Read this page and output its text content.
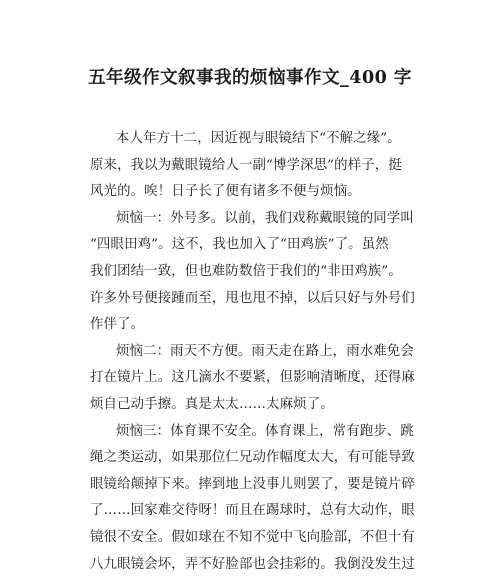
五年级作文叙事我的烦恼事作文_400 字
本人年方十二，因近视与眼镜结下“不解之缘”。
原来，我以为戴眼镜给人一副“博学深思”的样子，挺
风光的。唉！日子长了便有诸多不便与烦恼。
烦恼一：外号多。以前，我们戏称戴眼镜的同学叫
“四眼田鸡”。这不，我也加入了“田鸡族”了。虽然
我们团结一致，但也难防数倍于我们的“非田鸡族”。
许多外号便接踵而至，甩也甩不掉，以后只好与外号们
作伴了。
烦恼二：雨天不方便。雨天走在路上，雨水难免会
打在镜片上。这几滴水不要紧，但影响清晰度，还得麻
烦自己动手擦。真是太太……太麻烦了。
烦恼三：体育课不安全。体育课上，常有跑步、跳
绳之类运动，如果那位仁兄动作幅度太大，有可能导致
眼镜给颠掉下来。摔到地上没事儿则罢了，要是镜片碎
了……回家难交待呀！而且在踢球时，总有大动作，眼
镜很不安全。假如球在不知不觉中飞向脸部，不但十有
八九眼镜会坏，弄不好脸部也会挂彩的。我倒没发生过
